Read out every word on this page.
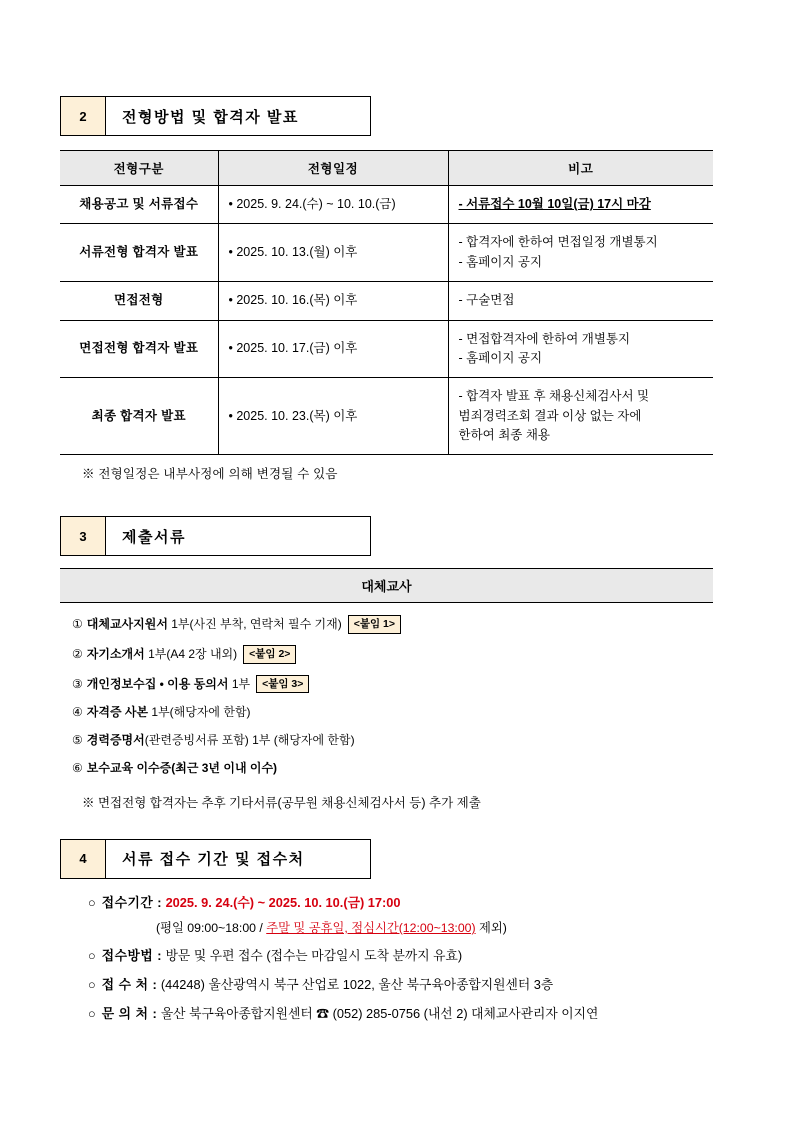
2	전형방법 및 합격자 발표
전형구분	전형일정	비고
채용공고 및 서류접수	• 2025. 9. 24.(수) ~ 10. 10.(금)	- 서류접수 10월 10일(금) 17시 마감

서류전형 합격자 발표	• 2025. 10. 13.(월) 이후	- 합격자에 한하여 면접일정 개별통지
- 홈페이지 공지

면접전형	• 2025. 10. 16.(목) 이후	- 구술면접

면접전형 합격자 발표	• 2025. 10. 17.(금) 이후	- 면접합격자에 한하여 개별통지
- 홈페이지 공지

최종 합격자 발표	• 2025. 10. 23.(목) 이후	- 합격자 발표 후 채용신체검사서 및
범죄경력조회 결과 이상 없는 자에
한하여 최종 채용
※ 전형일정은 내부사정에 의해 변경될 수 있음
3	제출서류
대체교사
① 대체교사지원서 1부(사진 부착, 연락처 필수 기재) <붙임 1>
② 자기소개서 1부(A4 2장 내외) <붙임 2>
③ 개인정보수집 • 이용 동의서 1부 <붙임 3>
④ 자격증 사본 1부(해당자에 한함)
⑤ 경력증명서(관련증빙서류 포함) 1부 (해당자에 한함)
⑥ 보수교육 이수증(최근 3년 이내 이수)
※ 면접전형 합격자는 추후 기타서류(공무원 채용신체검사서 등) 추가 제출
4	서류 접수 기간 및 접수처
○ 접수기간 : 2025. 9. 24.(수) ~ 2025. 10. 10.(금) 17:00
(평일 09:00~18:00 / 주말 및 공휴일, 점심시간(12:00~13:00) 제외)
○ 접수방법 : 방문 및 우편 접수 (접수는 마감일시 도착 분까지 유효)
○ 접 수 처 : (44248) 울산광역시 북구 산업로 1022, 울산 북구육아종합지원센터 3층
○ 문 의 처 : 울산 북구육아종합지원센터 ☎ (052) 285-0756 (내선 2) 대체교사관리자 이지연
